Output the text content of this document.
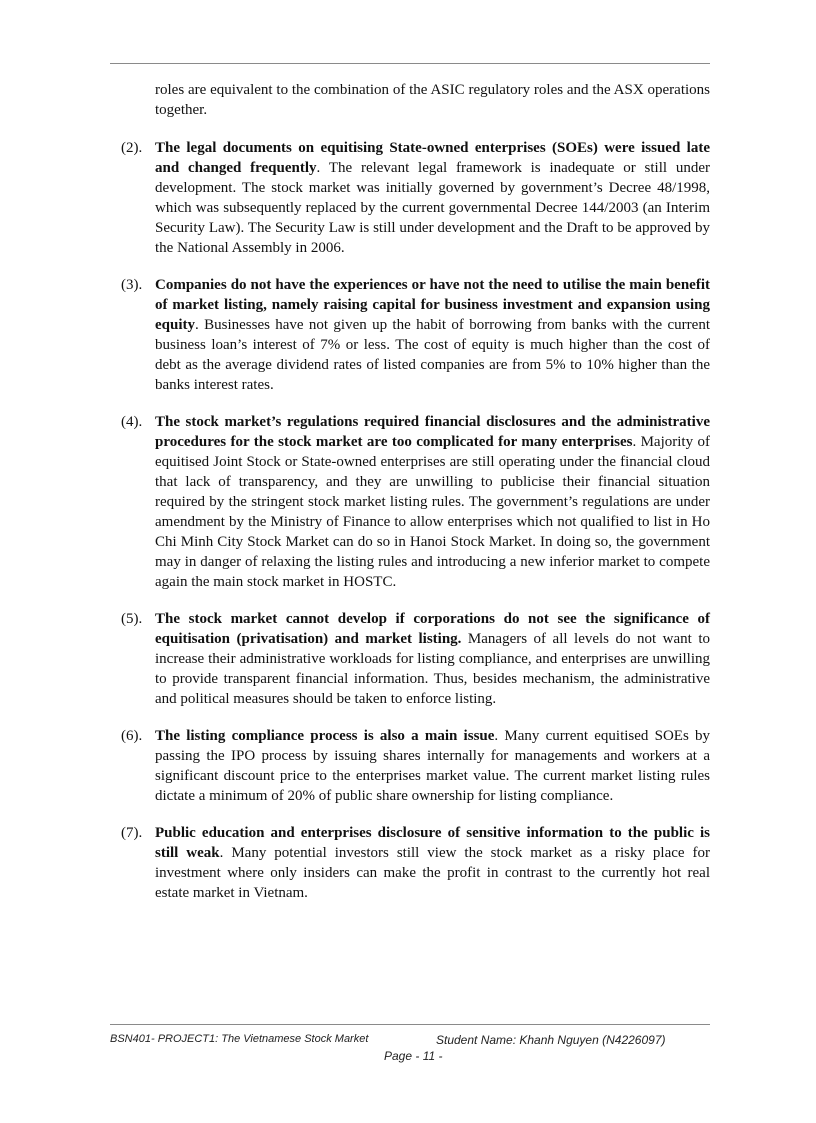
roles are equivalent to the combination of the ASIC regulatory roles and the ASX operations together.

(2). The legal documents on equitising State-owned enterprises (SOEs) were issued late and changed frequently. The relevant legal framework is inadequate or still under development. The stock market was initially governed by government’s Decree 48/1998, which was subsequently replaced by the current governmental Decree 144/2003 (an Interim Security Law). The Security Law is still under development and the Draft to be approved by the National Assembly in 2006.

(3). Companies do not have the experiences or have not the need to utilise the main benefit of market listing, namely raising capital for business investment and expansion using equity. Businesses have not given up the habit of borrowing from banks with the current business loan’s interest of 7% or less. The cost of equity is much higher than the cost of debt as the average dividend rates of listed companies are from 5% to 10% higher than the banks interest rates.

(4). The stock market’s regulations required financial disclosures and the administrative procedures for the stock market are too complicated for many enterprises. Majority of equitised Joint Stock or State-owned enterprises are still operating under the financial cloud that lack of transparency, and they are unwilling to publicise their financial situation required by the stringent stock market listing rules. The government’s regulations are under amendment by the Ministry of Finance to allow enterprises which not qualified to list in Ho Chi Minh City Stock Market can do so in Hanoi Stock Market. In doing so, the government may in danger of relaxing the listing rules and introducing a new inferior market to compete again the main stock market in HOSTC.

(5). The stock market cannot develop if corporations do not see the significance of equitisation (privatisation) and market listing. Managers of all levels do not want to increase their administrative workloads for listing compliance, and enterprises are unwilling to provide transparent financial information. Thus, besides mechanism, the administrative and political measures should be taken to enforce listing.

(6). The listing compliance process is also a main issue. Many current equitised SOEs by passing the IPO process by issuing shares internally for managements and workers at a significant discount price to the enterprises market value. The current market listing rules dictate a minimum of 20% of public share ownership for listing compliance.

(7). Public education and enterprises disclosure of sensitive information to the public is still weak. Many potential investors still view the stock market as a risky place for investment where only insiders can make the profit in contrast to the currently hot real estate market in Vietnam.

BSN401- PROJECT1: The Vietnamese Stock Market	Student Name: Khanh Nguyen (N4226097)
Page - 11 -
